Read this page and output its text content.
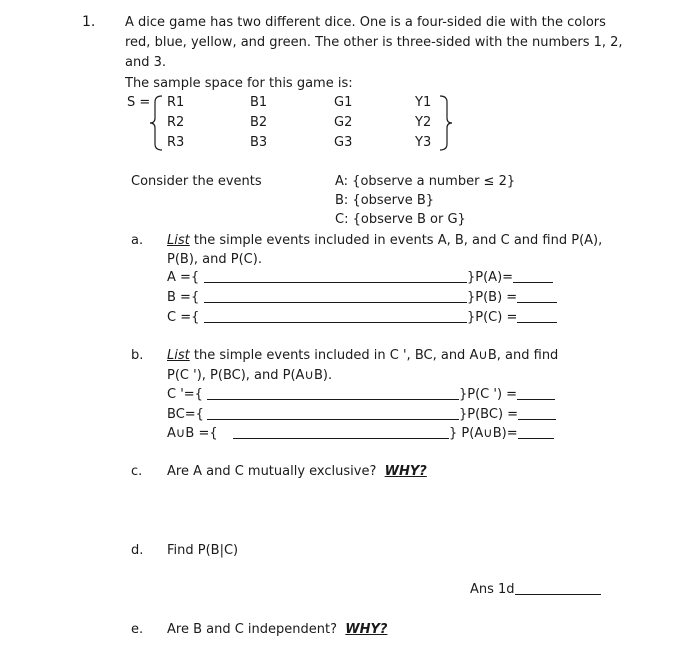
1. A dice game has two different dice. One is a four-sided die with the colors
red, blue, yellow, and green. The other is three-sided with the numbers 1, 2,
and 3.
The sample space for this game is:
S = R1	B1	G1	Y1
R2	B2	G2	Y2
R3	B3	G3	Y3
Consider the events	A: {observe a number ≤ 2}
B: {observe B}
C: {observe B or G}
a. List the simple events included in events A, B, and C and find P(A),
P(B), and P(C).
A ={	}P(A)=
B ={	}P(B) =
C ={	}P(C) =
b. List the simple events included in C ', BC, and A∪B, and find
P(C '), P(BC), and P(A∪B).
C '={	}P(C ') =
BC={	}P(BC) =
A∪B ={	} P(A∪B)=
c. Are A and C mutually exclusive? WHY?
d. Find P(B|C)
Ans 1d
e. Are B and C independent? WHY?
